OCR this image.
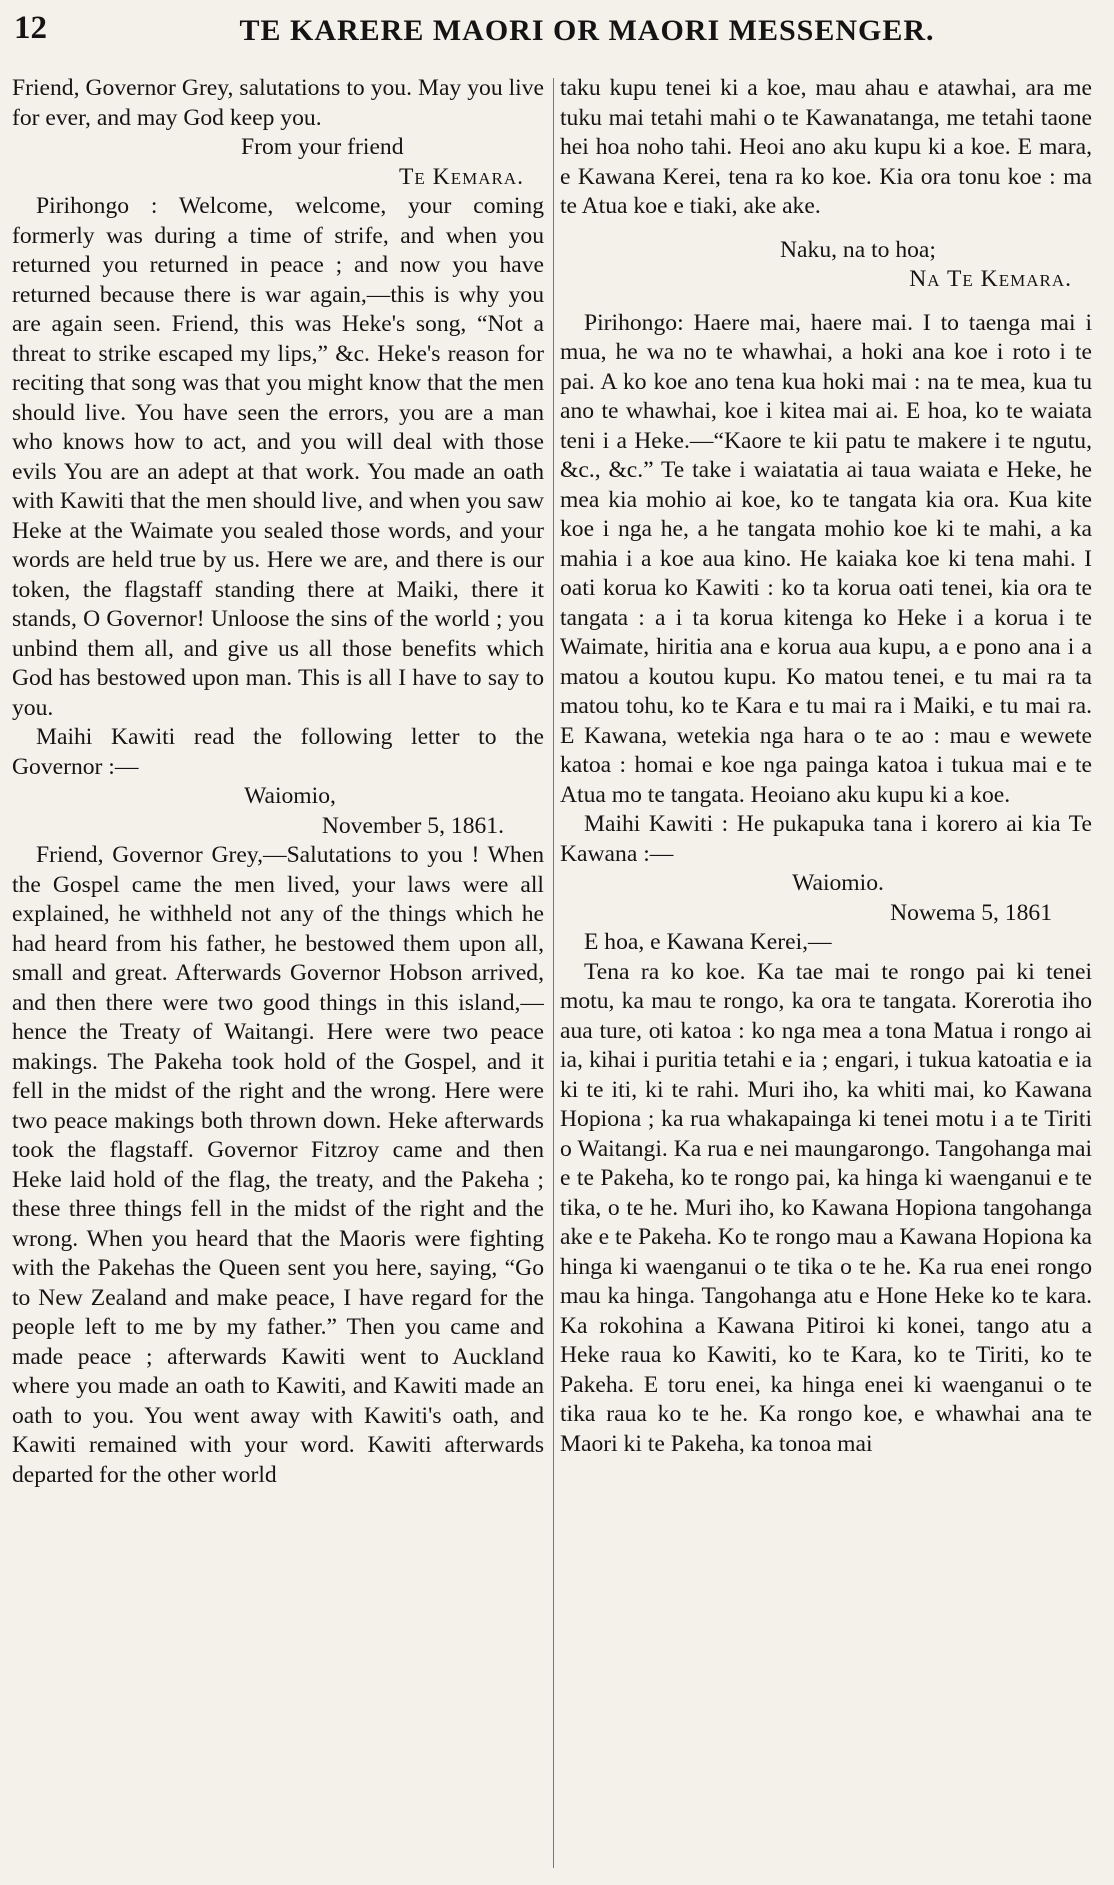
12	TE KARERE MAORI OR MAORI MESSENGER.

Friend, Governor Grey, salutations to you. May you live for ever, and may God keep you.

From your friend

Te Kemara.

Pirihongo : Welcome, welcome, your coming formerly was during a time of strife, and when you returned you returned in peace ; and now you have returned because there is war again,—this is why you are again seen. Friend, this was Heke's song, “Not a threat to strike escaped my lips,” &c. Heke's reason for reciting that song was that you might know that the men should live. You have seen the errors, you are a man who knows how to act, and you will deal with those evils You are an adept at that work. You made an oath with Kawiti that the men should live, and when you saw Heke at the Waimate you sealed those words, and your words are held true by us. Here we are, and there is our token, the flagstaff standing there at Maiki, there it stands, O Governor! Unloose the sins of the world ; you unbind them all, and give us all those benefits which God has bestowed upon man. This is all I have to say to you.

Maihi Kawiti read the following letter to the Governor :—

Waiomio,

November 5, 1861.

Friend, Governor Grey,—Salutations to you ! When the Gospel came the men lived, your laws were all explained, he withheld not any of the things which he had heard from his father, he bestowed them upon all, small and great. Afterwards Governor Hobson arrived, and then there were two good things in this island,—hence the Treaty of Waitangi. Here were two peace makings. The Pakeha took hold of the Gospel, and it fell in the midst of the right and the wrong. Here were two peace makings both thrown down. Heke afterwards took the flagstaff. Governor Fitzroy came and then Heke laid hold of the flag, the treaty, and the Pakeha ; these three things fell in the midst of the right and the wrong. When you heard that the Maoris were fighting with the Pakehas the Queen sent you here, saying, “Go to New Zealand and make peace, I have regard for the people left to me by my father.” Then you came and made peace ; afterwards Kawiti went to Auckland where you made an oath to Kawiti, and Kawiti made an oath to you. You went away with Kawiti's oath, and Kawiti remained with your word. Kawiti afterwards departed for the other world

taku kupu tenei ki a koe, mau ahau e atawhai, ara me tuku mai tetahi mahi o te Kawanatanga, me tetahi taone hei hoa noho tahi. Heoi ano aku kupu ki a koe. E mara, e Kawana Kerei, tena ra ko koe. Kia ora tonu koe : ma te Atua koe e tiaki, ake ake.

Naku, na to hoa;

Na Te Kemara.

Pirihongo: Haere mai, haere mai. I to taenga mai i mua, he wa no te whawhai, a hoki ana koe i roto i te pai. A ko koe ano tena kua hoki mai : na te mea, kua tu ano te whawhai, koe i kitea mai ai. E hoa, ko te waiata teni i a Heke.—“Kaore te kii patu te makere i te ngutu, &c., &c.” Te take i waiatatia ai taua waiata e Heke, he mea kia mohio ai koe, ko te tangata kia ora. Kua kite koe i nga he, a he tangata mohio koe ki te mahi, a ka mahia i a koe aua kino. He kaiaka koe ki tena mahi. I oati korua ko Kawiti : ko ta korua oati tenei, kia ora te tangata : a i ta korua kitenga ko Heke i a korua i te Waimate, hiritia ana e korua aua kupu, a e pono ana i a matou a koutou kupu. Ko matou tenei, e tu mai ra ta matou tohu, ko te Kara e tu mai ra i Maiki, e tu mai ra. E Kawana, wetekia nga hara o te ao : mau e wewete katoa : homai e koe nga painga katoa i tukua mai e te Atua mo te tangata. Heoiano aku kupu ki a koe.

Maihi Kawiti : He pukapuka tana i korero ai kia Te Kawana :—

Waiomio.

Nowema 5, 1861

E hoa, e Kawana Kerei,—

Tena ra ko koe. Ka tae mai te rongo pai ki tenei motu, ka mau te rongo, ka ora te tangata. Korerotia iho aua ture, oti katoa : ko nga mea a tona Matua i rongo ai ia, kihai i puritia tetahi e ia ; engari, i tukua katoatia e ia ki te iti, ki te rahi. Muri iho, ka whiti mai, ko Kawana Hopiona ; ka rua whakapainga ki tenei motu i a te Tiriti o Waitangi. Ka rua e nei maungarongo. Tangohanga mai e te Pakeha, ko te rongo pai, ka hinga ki waenganui e te tika, o te he. Muri iho, ko Kawana Hopiona tangohanga ake e te Pakeha. Ko te rongo mau a Kawana Hopiona ka hinga ki waenganui o te tika o te he. Ka rua enei rongo mau ka hinga. Tangohanga atu e Hone Heke ko te kara. Ka rokohina a Kawana Pitiroi ki konei, tango atu a Heke raua ko Kawiti, ko te Kara, ko te Tiriti, ko te Pakeha. E toru enei, ka hinga enei ki waenganui o te tika raua ko te he. Ka rongo koe, e whawhai ana te Maori ki te Pakeha, ka tonoa mai
